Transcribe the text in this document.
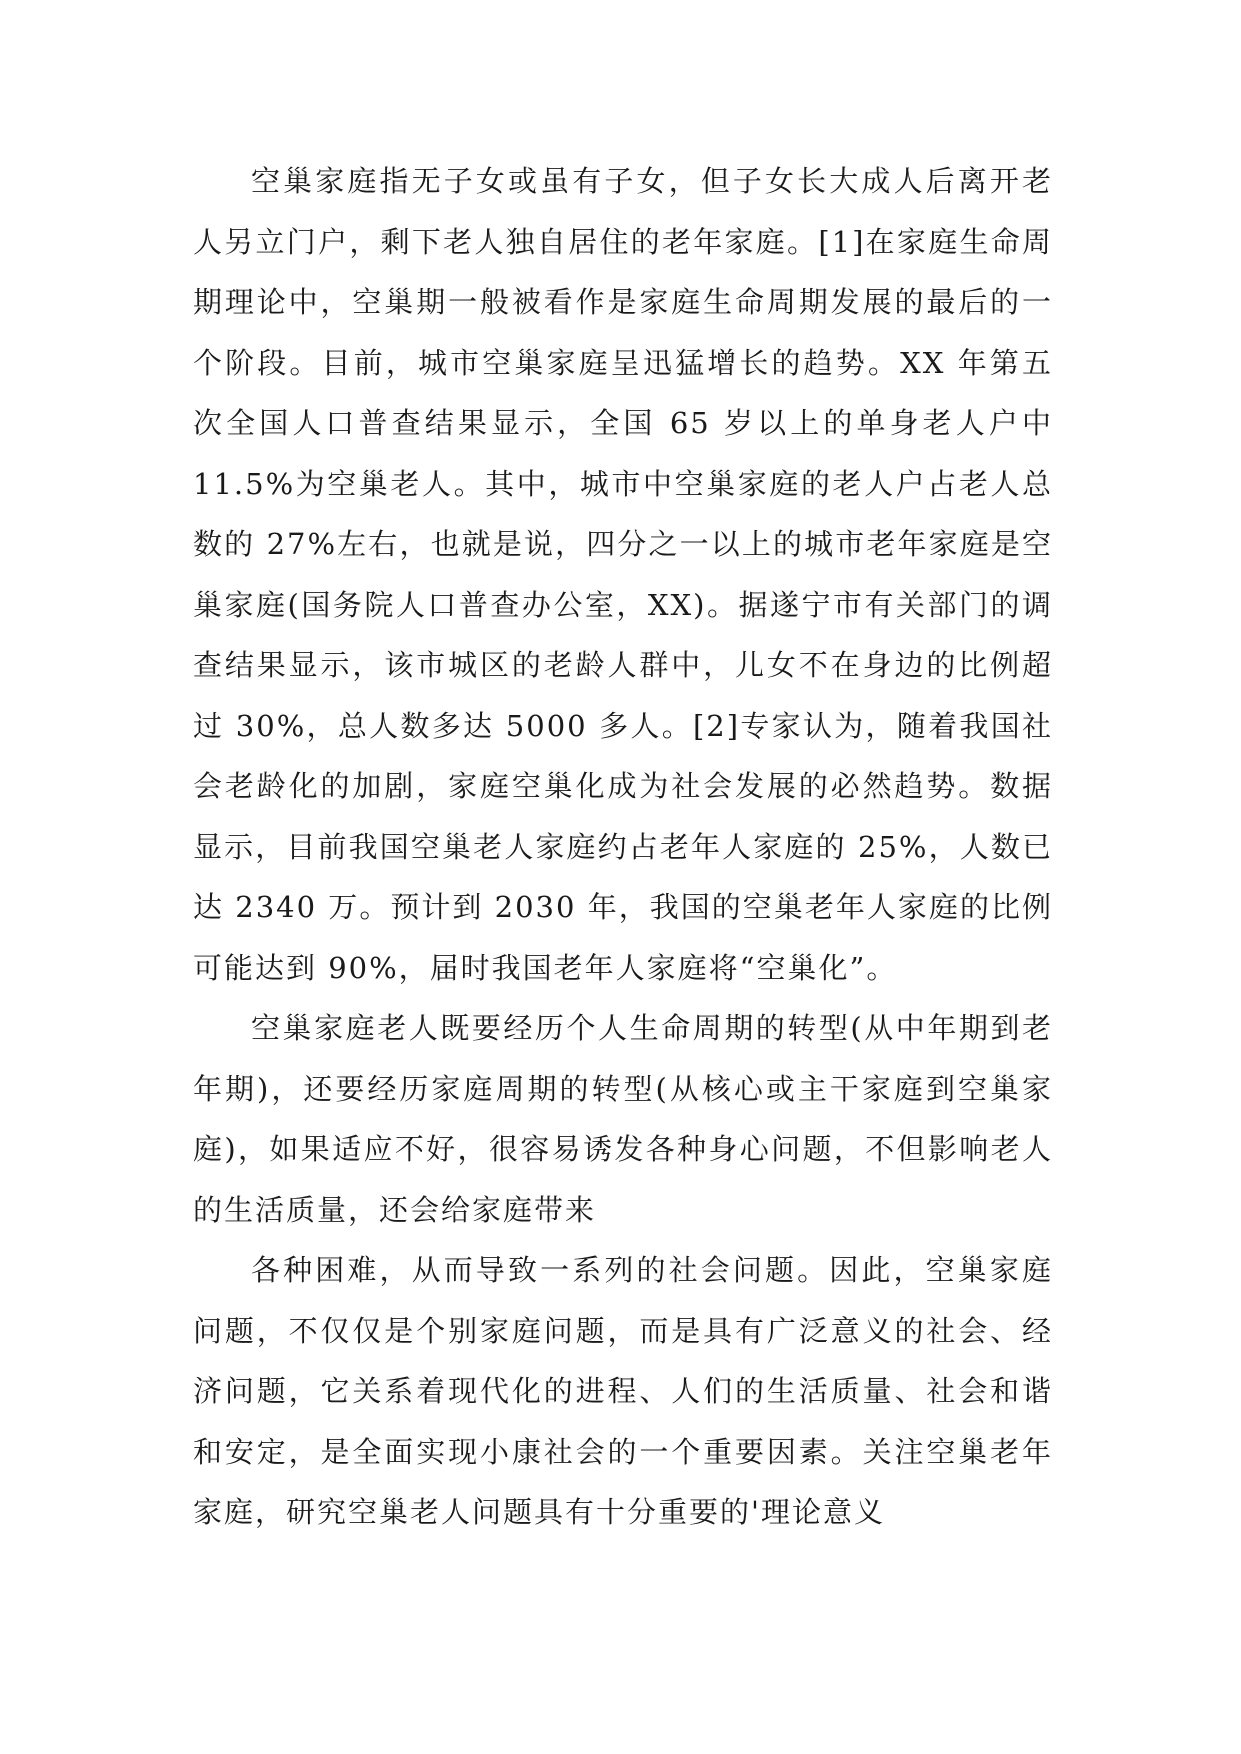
空巢家庭指无子女或虽有子女，但子女长大成人后离开老人另立门户，剩下老人独自居住的老年家庭。[1]在家庭生命周期理论中，空巢期一般被看作是家庭生命周期发展的最后的一个阶段。目前，城市空巢家庭呈迅猛增长的趋势。XX 年第五次全国人口普查结果显示，全国 65 岁以上的单身老人户中 11.5%为空巢老人。其中，城市中空巢家庭的老人户占老人总数的 27%左右，也就是说，四分之一以上的城市老年家庭是空巢家庭(国务院人口普查办公室，XX)。据遂宁市有关部门的调查结果显示，该市城区的老龄人群中，儿女不在身边的比例超过 30%，总人数多达 5000 多人。[2]专家认为，随着我国社会老龄化的加剧，家庭空巢化成为社会发展的必然趋势。数据显示，目前我国空巢老人家庭约占老年人家庭的 25%，人数已达 2340 万。预计到 2030 年，我国的空巢老年人家庭的比例可能达到 90%，届时我国老年人家庭将“空巢化”。

空巢家庭老人既要经历个人生命周期的转型(从中年期到老年期)，还要经历家庭周期的转型(从核心或主干家庭到空巢家庭)，如果适应不好，很容易诱发各种身心问题，不但影响老人的生活质量，还会给家庭带来

各种困难，从而导致一系列的社会问题。因此，空巢家庭问题，不仅仅是个别家庭问题，而是具有广泛意义的社会、经济问题，它关系着现代化的进程、人们的生活质量、社会和谐和安定，是全面实现小康社会的一个重要因素。关注空巢老年家庭，研究空巢老人问题具有十分重要的'理论意义
